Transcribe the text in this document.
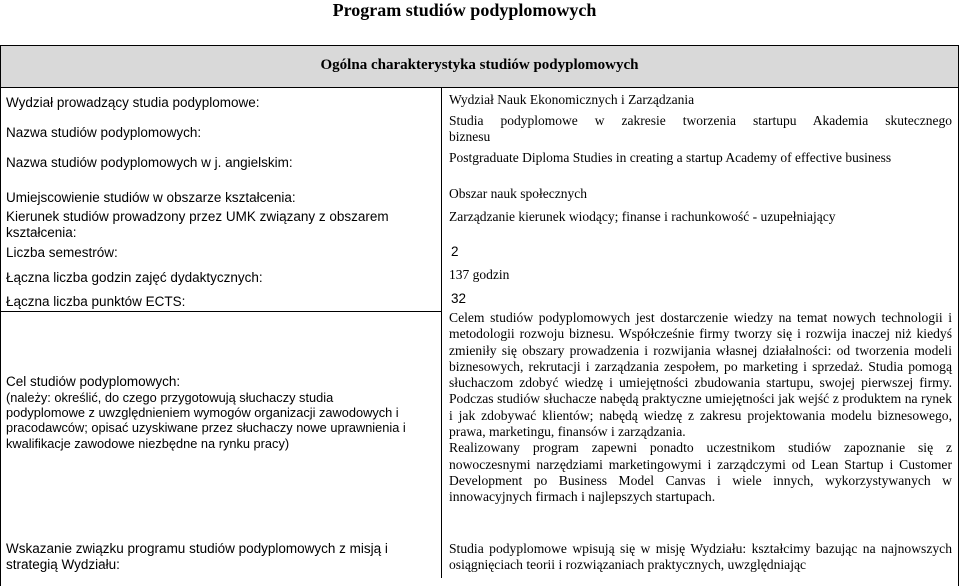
Program studiów podyplomowych
Ogólna charakterystyka studiów podyplomowych
Wydział prowadzący studia podyplomowe:	Wydział Nauk Ekonomicznych i Zarządzania
Nazwa studiów podyplomowych:
Studia podyplomowe w zakresie tworzenia startupu Akademia skutecznego
biznesu
Nazwa studiów podyplomowych w j. angielskim:	Postgraduate Diploma Studies in creating a startup Academy of effective business
Umiejscowienie studiów w obszarze kształcenia:	Obszar nauk społecznych
Kierunek studiów prowadzony przez UMK związany z obszarem
kształcenia:
Zarządzanie kierunek wiodący; finanse i rachunkowość - uzupełniający
Liczba semestrów:	2
Łączna liczba godzin zajęć dydaktycznych:	137 godzin
Łączna liczba punktów ECTS:	32
Cel studiów podyplomowych:
(należy: określić, do czego przygotowują słuchaczy studia podyplomowe z uwzględnieniem wymogów organizacji zawodowych i pracodawców; opisać uzyskiwane przez słuchaczy nowe uprawnienia i kwalifikacje zawodowe niezbędne na rynku pracy)

Celem studiów podyplomowych jest dostarczenie wiedzy na temat nowych technologii i metodologii rozwoju biznesu. Współcześnie firmy tworzy się i rozwija inaczej niż kiedyś zmieniły się obszary prowadzenia i rozwijania własnej działalności: od tworzenia modeli biznesowych, rekrutacji i zarządzania zespołem, po marketing i sprzedaż. Studia pomogą słuchaczom zdobyć wiedzę i umiejętności zbudowania startupu, swojej pierwszej firmy. Podczas studiów słuchacze nabędą praktyczne umiejętności jak wejść z produktem na rynek i jak zdobywać klientów; nabędą wiedzę z zakresu projektowania modelu biznesowego, prawa, marketingu, finansów i zarządzania.

Realizowany program zapewni ponadto uczestnikom studiów zapoznanie się z nowoczesnymi narzędziami marketingowymi i zarządczymi od Lean Startup i Customer Development po Business Model Canvas i wiele innych, wykorzystywanych w innowacyjnych firmach i najlepszych startupach.

Wskazanie związku programu studiów podyplomowych z misją i strategią Wydziału:
Studia podyplomowe wpisują się w misję Wydziału: kształcimy bazując na najnowszych osiągnięciach teorii i rozwiązaniach praktycznych, uwzględniając
